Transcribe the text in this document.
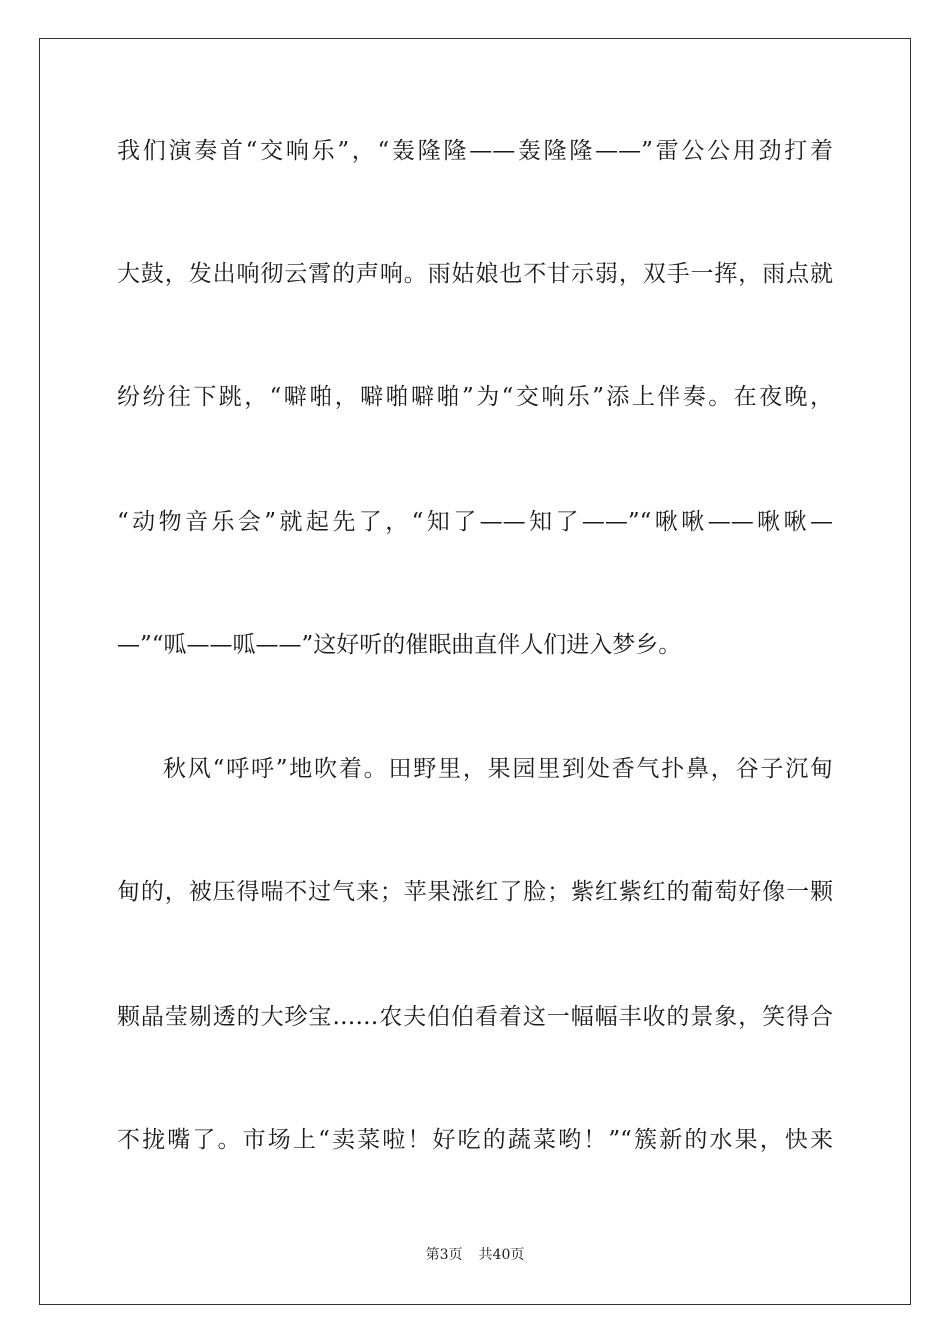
我们演奏首“交响乐”，“轰隆隆——轰隆隆——”雷公公用劲打着
大鼓，发出响彻云霄的声响。雨姑娘也不甘示弱，双手一挥，雨点就
纷纷往下跳，“噼啪，噼啪噼啪”为“交响乐”添上伴奏。在夜晚，
“动物音乐会”就起先了，“知了——知了——”“啾啾——啾啾—
—”“呱——呱——”这好听的催眠曲直伴人们进入梦乡。
秋风“呼呼”地吹着。田野里，果园里到处香气扑鼻，谷子沉甸
甸的，被压得喘不过气来；苹果涨红了脸；紫红紫红的葡萄好像一颗
颗晶莹剔透的大珍宝……农夫伯伯看着这一幅幅丰收的景象，笑得合
不拢嘴了。市场上“卖菜啦！好吃的蔬菜哟！”“簇新的水果，快来
第3页 共40页
